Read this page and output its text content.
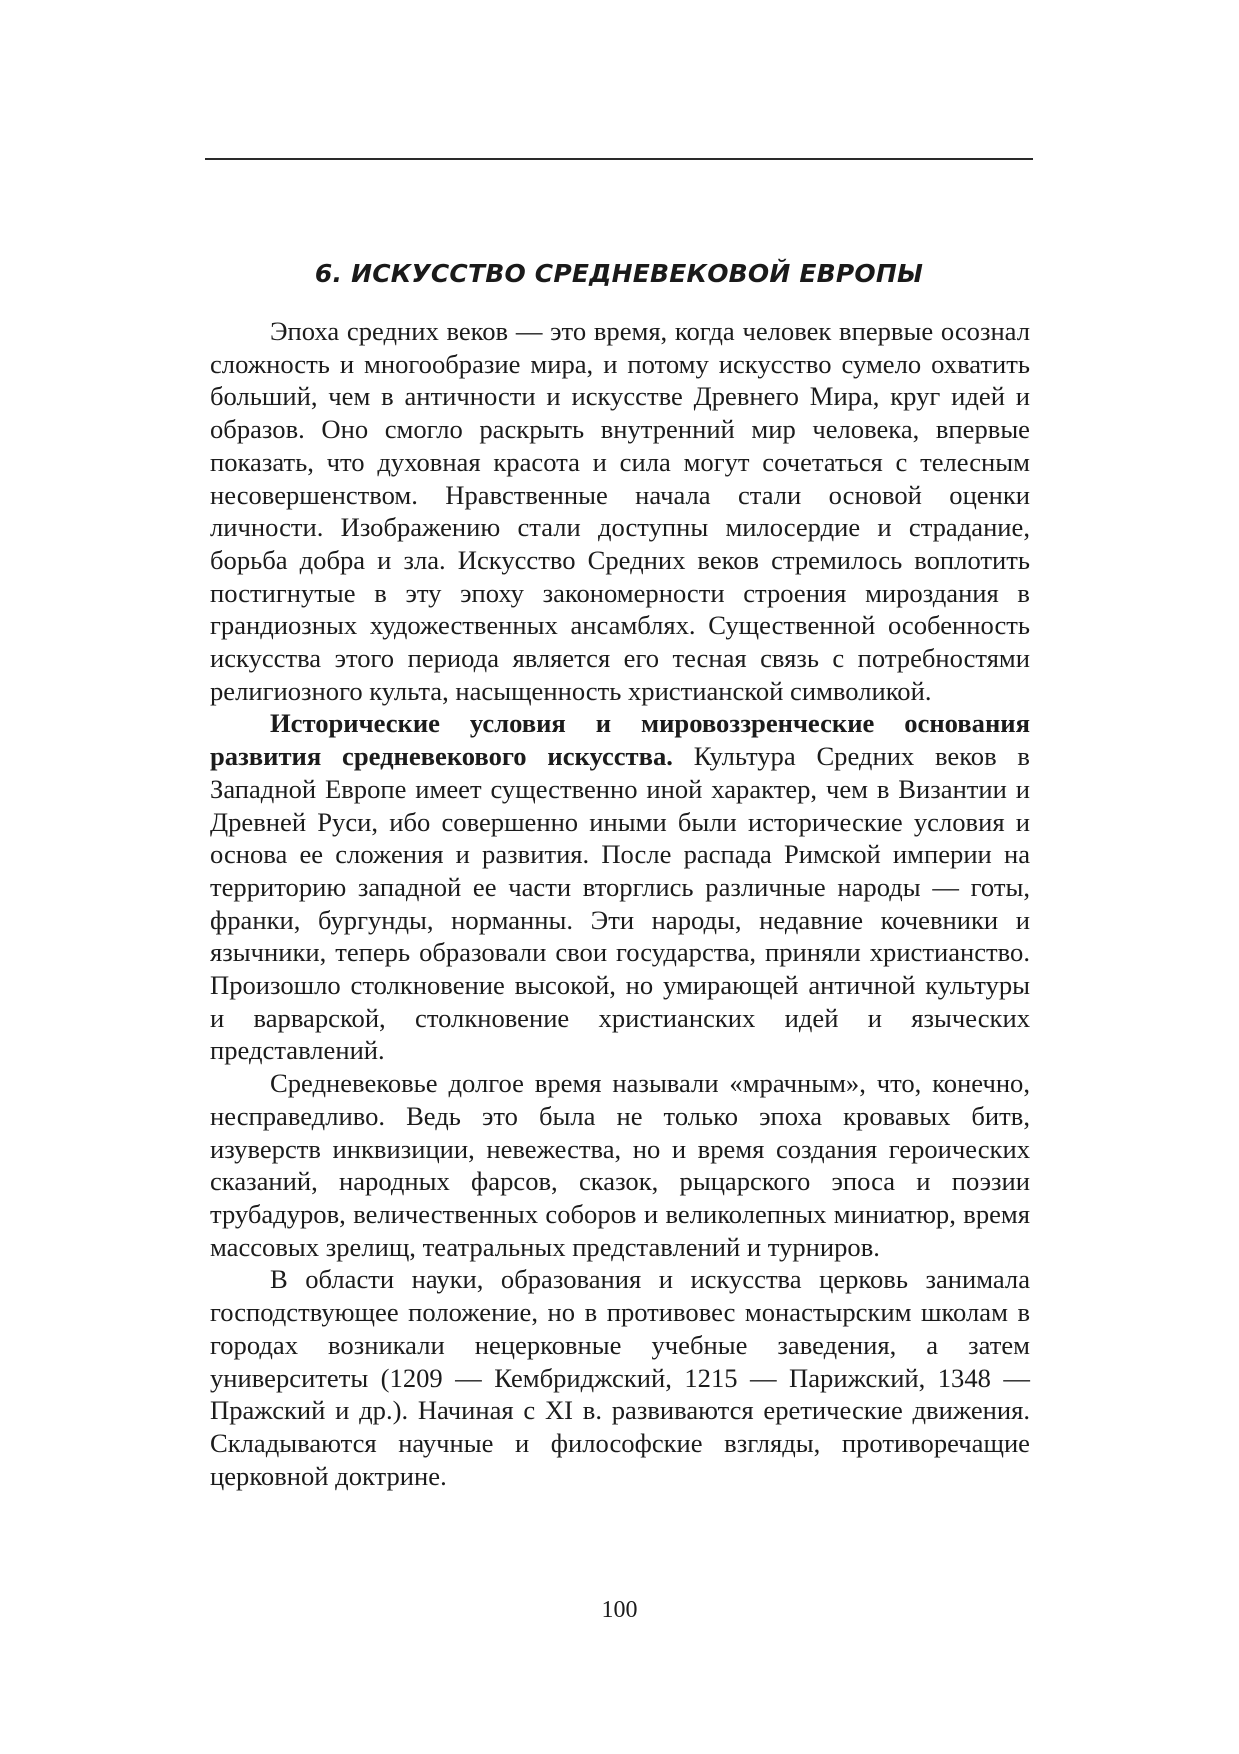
6. ИСКУССТВО СРЕДНЕВЕКОВОЙ ЕВРОПЫ

Эпоха средних веков — это время, когда человек впервые осознал сложность и многообразие мира, и потому искусство сумело охватить больший, чем в античности и искусстве Древнего Мира, круг идей и образов. Оно смогло раскрыть внутренний мир человека, впервые показать, что духовная красота и сила могут сочетаться с телесным несовершенством. Нравственные начала стали основой оценки личности. Изображению стали доступны милосердие и страдание, борьба добра и зла. Искусство Средних веков стремилось воплотить постигнутые в эту эпоху закономерности строения мироздания в грандиозных художественных ансамблях. Существенной особенность искусства этого периода является его тесная связь с потребностями религиозного культа, насыщенность христианской символикой.

Исторические условия и мировоззренческие основания развития средневекового искусства. Культура Средних веков в Западной Европе имеет существенно иной характер, чем в Византии и Древней Руси, ибо совершенно иными были исторические условия и основа ее сложения и развития. После распада Римской империи на территорию западной ее части вторглись различные народы — готы, франки, бургунды, норманны. Эти народы, недавние кочевники и язычники, теперь образовали свои государства, приняли христианство. Произошло столкновение высокой, но умирающей античной культуры и варварской, столкновение христианских идей и языческих представлений.

Средневековье долгое время называли «мрачным», что, конечно, несправедливо. Ведь это была не только эпоха кровавых битв, изуверств инквизиции, невежества, но и время создания героических сказаний, народных фарсов, сказок, рыцарского эпоса и поэзии трубадуров, величественных соборов и великолепных миниатюр, время массовых зрелищ, театральных представлений и турниров.

В области науки, образования и искусства церковь занимала господствующее положение, но в противовес монастырским школам в городах возникали нецерковные учебные заведения, а затем университеты (1209 — Кембриджский, 1215 — Парижский, 1348 — Пражский и др.). Начиная с XI в. развиваются еретические движения. Складываются научные и философские взгляды, противоречащие церковной доктрине.

100
